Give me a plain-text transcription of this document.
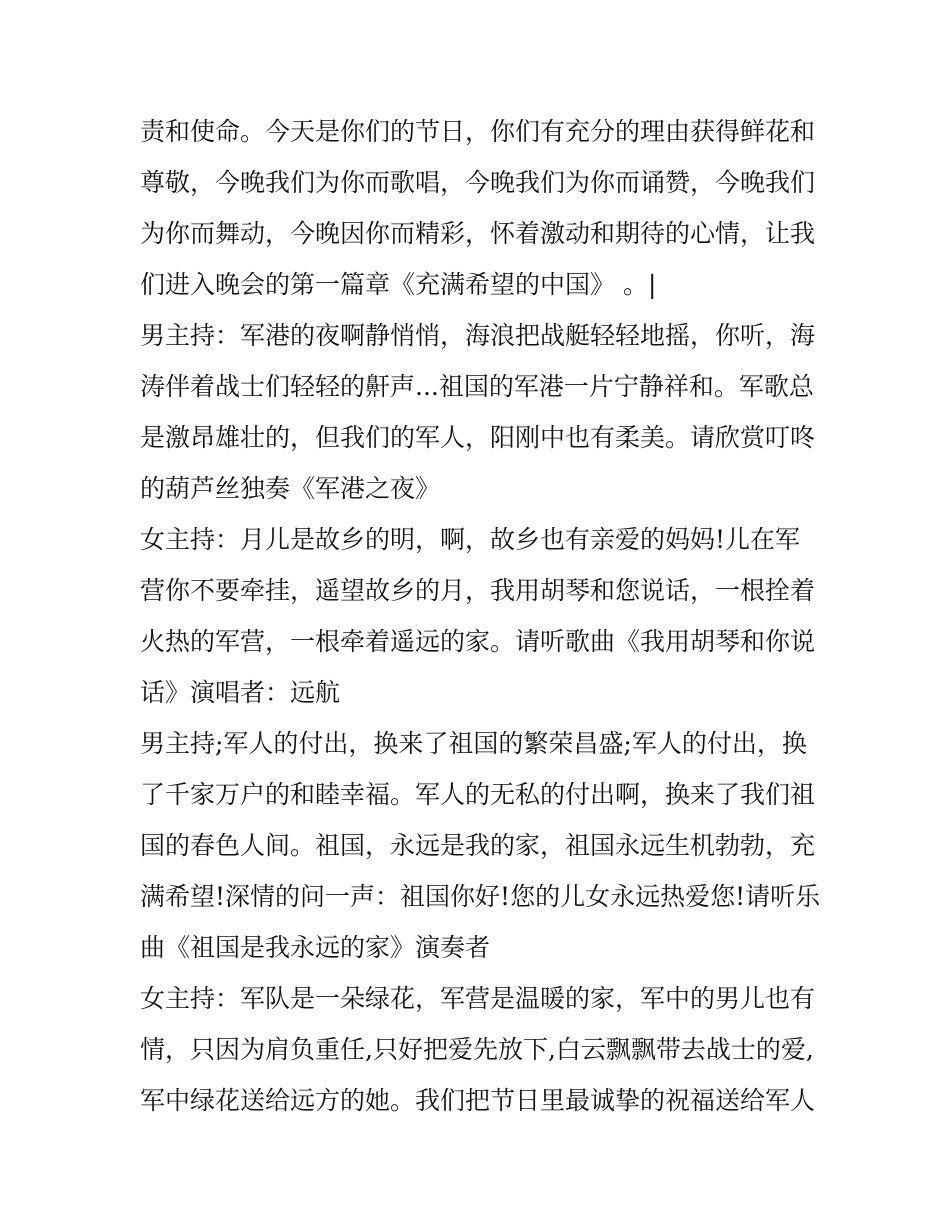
责和使命。今天是你们的节日，你们有充分的理由获得鲜花和
尊敬，今晚我们为你而歌唱，今晚我们为你而诵赞，今晚我们
为你而舞动，今晚因你而精彩，怀着激动和期待的心情，让我
们进入晚会的第一篇章《充满希望的中国》 。|
男主持：军港的夜啊静悄悄，海浪把战艇轻轻地摇，你听，海
涛伴着战士们轻轻的鼾声...祖国的军港一片宁静祥和。军歌总
是激昂雄壮的，但我们的军人，阳刚中也有柔美。请欣赏叮咚
的葫芦丝独奏《军港之夜》
女主持：月儿是故乡的明，啊，故乡也有亲爱的妈妈!儿在军
营你不要牵挂，遥望故乡的月，我用胡琴和您说话，一根拴着
火热的军营，一根牵着遥远的家。请听歌曲《我用胡琴和你说
话》演唱者：远航
男主持;军人的付出，换来了祖国的繁荣昌盛;军人的付出，换
了千家万户的和睦幸福。军人的无私的付出啊，换来了我们祖
国的春色人间。祖国，永远是我的家，祖国永远生机勃勃，充
满希望!深情的问一声：祖国你好!您的儿女永远热爱您!请听乐
曲《祖国是我永远的家》演奏者
女主持：军队是一朵绿花，军营是温暖的家，军中的男儿也有
情，只因为肩负重任,只好把爱先放下,白云飘飘带去战士的爱,
军中绿花送给远方的她。我们把节日里最诚挚的祝福送给军人
